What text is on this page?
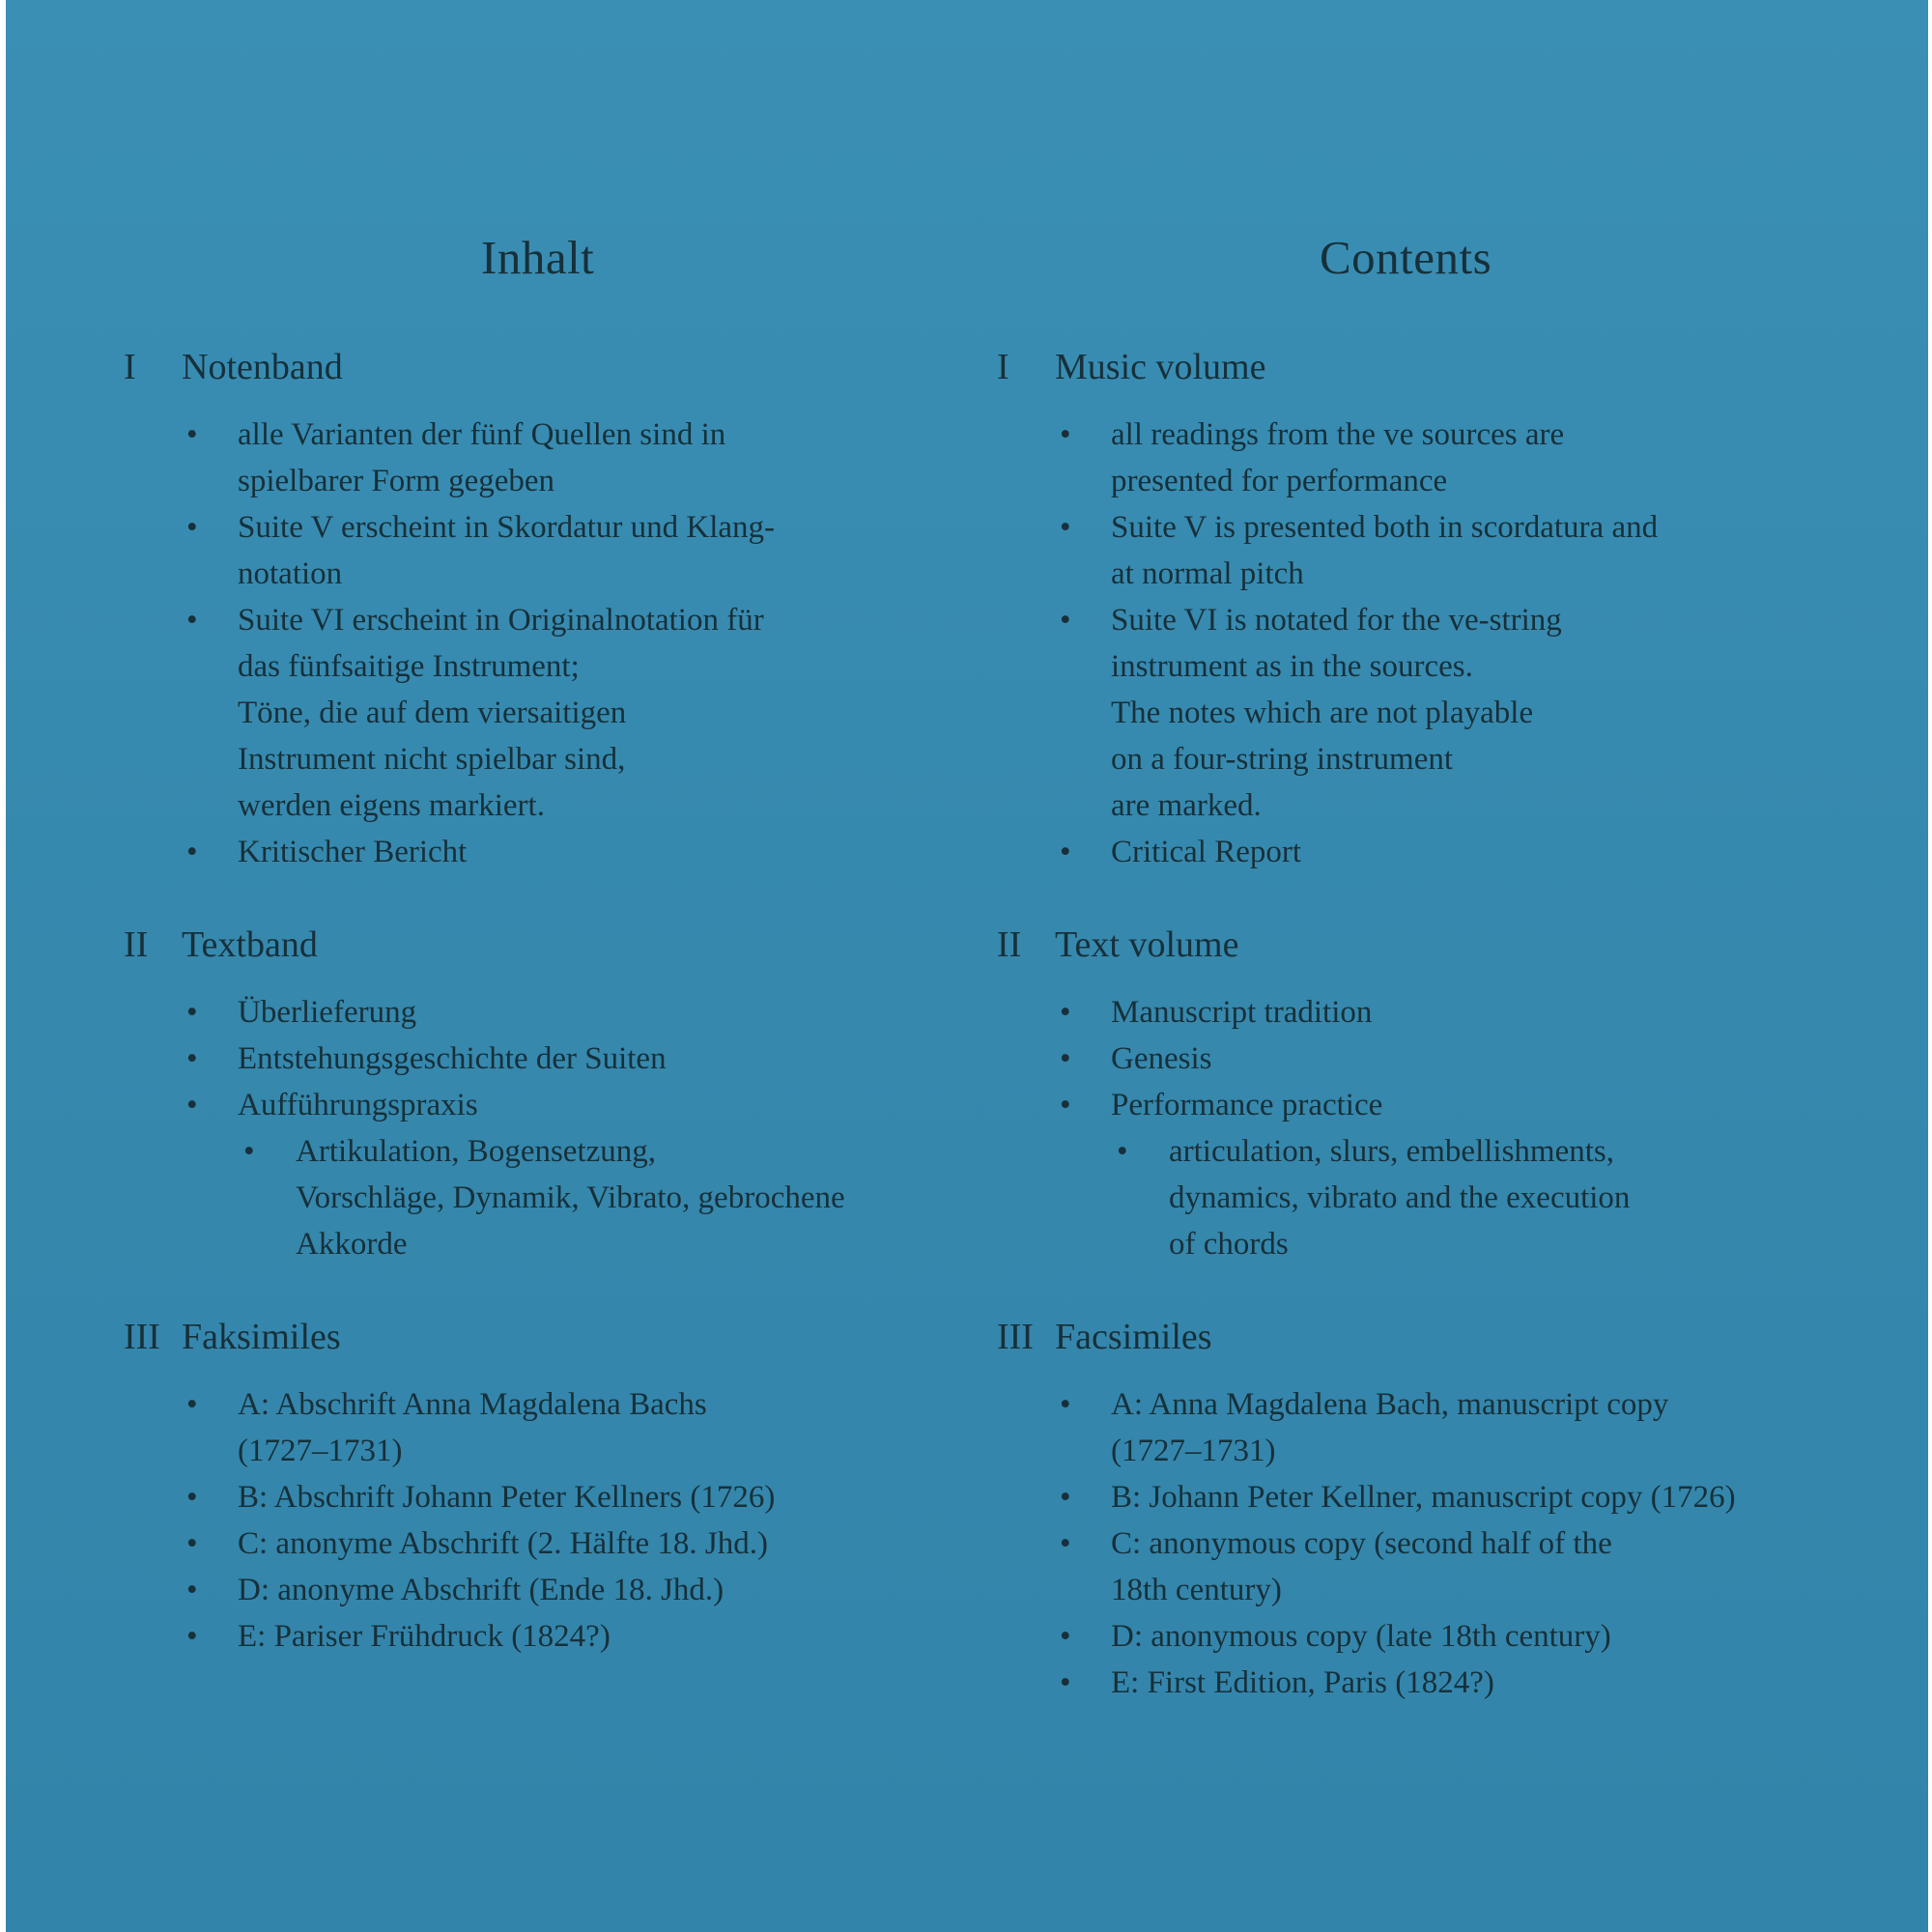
Inhalt
I Notenband
• alle Varianten der fünf Quellen sind in
spielbarer Form gegeben
• Suite V erscheint in Skordatur und Klang-
notation
• Suite VI erscheint in Originalnotation für
das fünfsaitige Instrument;
Töne, die auf dem viersaitigen
Instrument nicht spielbar sind,
werden eigens markiert.
• Kritischer Bericht
II Textband
• Überlieferung
• Entstehungsgeschichte der Suiten
• Aufführungspraxis
• Artikulation, Bogensetzung,
Vorschläge, Dynamik, Vibrato, gebrochene
Akkorde
III Faksimiles
• A: Abschrift Anna Magdalena Bachs
(1727–1731)
• B: Abschrift Johann Peter Kellners (1726)
• C: anonyme Abschrift (2. Hälfte 18. Jhd.)
• D: anonyme Abschrift (Ende 18. Jhd.)
• E: Pariser Frühdruck (1824?)
Contents
I Music volume
• all readings from the ve sources are
presented for performance
• Suite V is presented both in scordatura and
at normal pitch
• Suite VI is notated for the ve-string
instrument as in the sources.
The notes which are not playable
on a four-string instrument
are marked.
• Critical Report
II Text volume
• Manuscript tradition
• Genesis
• Performance practice
• articulation, slurs, embellishments,
dynamics, vibrato and the execution
of chords
III Facsimiles
• A: Anna Magdalena Bach, manuscript copy
(1727–1731)
• B: Johann Peter Kellner, manuscript copy (1726)
• C: anonymous copy (second half of the
18th century)
• D: anonymous copy (late 18th century)
• E: First Edition, Paris (1824?)
